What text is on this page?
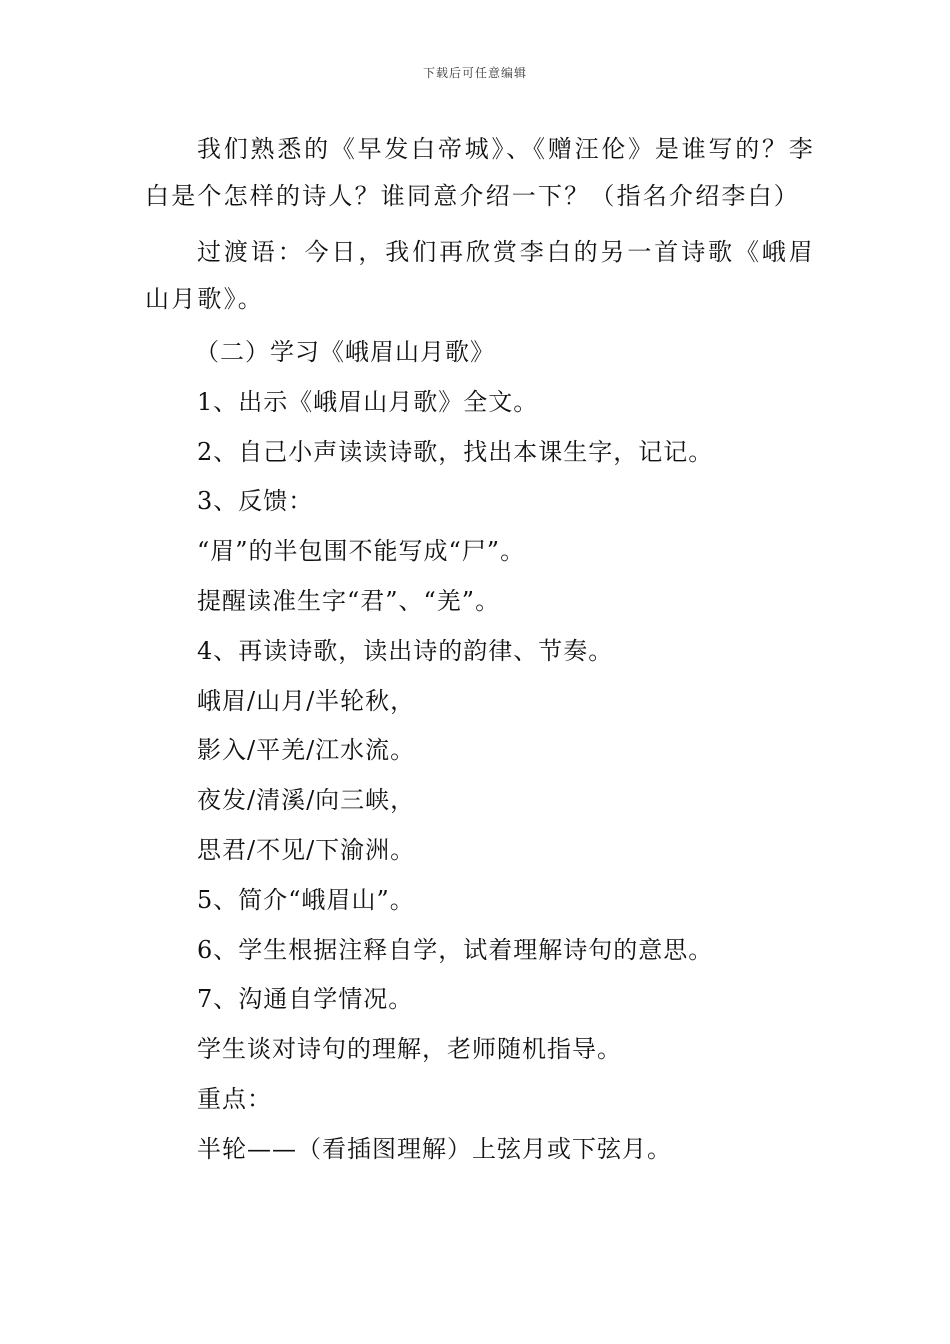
下载后可任意编辑

我们熟悉的《早发白帝城》、《赠汪伦》是谁写的？李白是个怎样的诗人？谁同意介绍一下？（指名介绍李白）

过渡语：今日，我们再欣赏李白的另一首诗歌《峨眉山月歌》。

（二）学习《峨眉山月歌》

1、出示《峨眉山月歌》全文。

2、自己小声读读诗歌，找出本课生字，记记。

3、反馈：

“眉”的半包围不能写成“尸”。

提醒读准生字“君”、“羌”。

4、再读诗歌，读出诗的韵律、节奏。

峨眉/山月/半轮秋，

影入/平羌/江水流。

夜发/清溪/向三峡，

思君/不见/下渝洲。

5、简介“峨眉山”。

6、学生根据注释自学，试着理解诗句的意思。

7、沟通自学情况。

学生谈对诗句的理解，老师随机指导。

重点：

半轮——（看插图理解）上弦月或下弦月。
